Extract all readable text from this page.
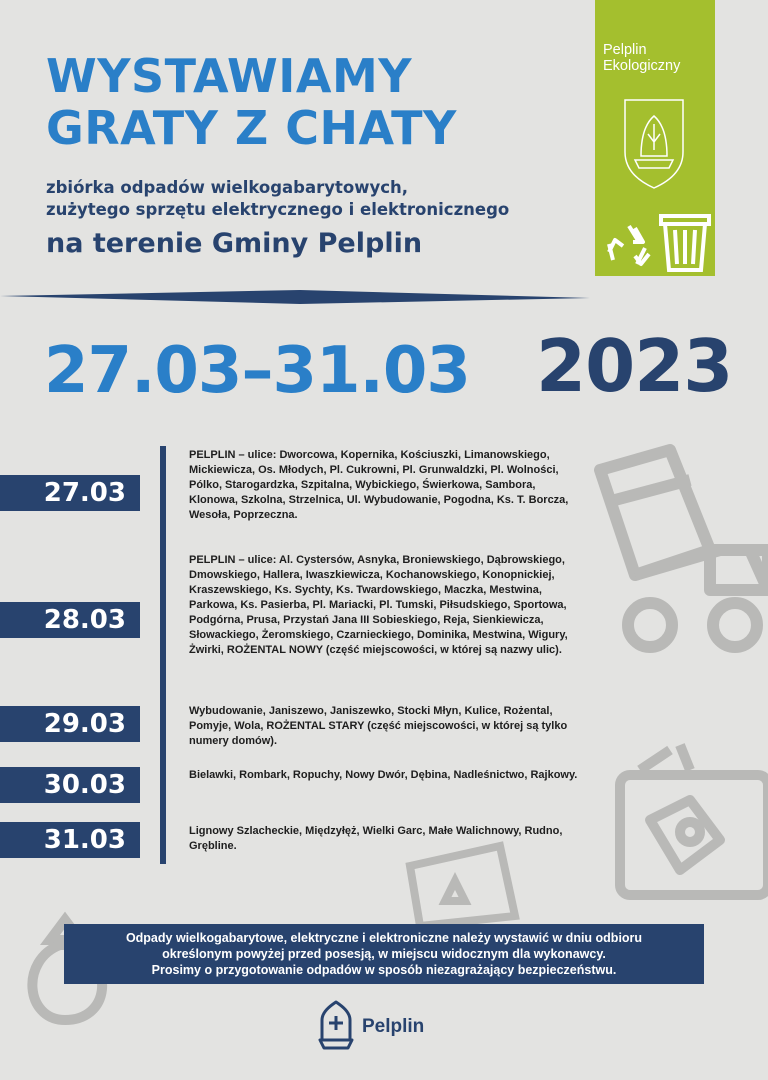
WYSTAWIAMY
GRATY Z CHATY
zbiórka odpadów wielkogabarytowych,
zużytego sprzętu elektrycznego i elektronicznego
na terenie Gminy Pelplin
Pelplin
Ekologiczny
27.03–31.03 2023
27.03
PELPLIN – ulice: Dworcowa, Kopernika, Kościuszki, Limanowskiego, Mickiewicza, Os. Młodych, Pl. Cukrowni, Pl. Grunwaldzki, Pl. Wolności, Pólko, Starogardzka, Szpitalna, Wybickiego, Świerkowa, Sambora, Klonowa, Szkolna, Strzelnica, Ul. Wybudowanie, Pogodna, Ks. T. Borcza, Wesoła, Poprzeczna.
28.03
PELPLIN – ulice: Al. Cystersów, Asnyka, Broniewskiego, Dąbrowskiego, Dmowskiego, Hallera, Iwaszkiewicza, Kochanowskiego, Konopnickiej, Kraszewskiego, Ks. Sychty, Ks. Twardowskiego, Maczka, Mestwina, Parkowa, Ks. Pasierba, Pl. Mariacki, Pl. Tumski, Piłsudskiego, Sportowa, Podgórna, Prusa, Przystań Jana III Sobieskiego, Reja, Sienkiewicza, Słowackiego, Żeromskiego, Czarnieckiego, Dominika, Mestwina, Wigury, Żwirki, ROŻENTAL NOWY (część miejscowości, w której są nazwy ulic).
29.03	Wybudowanie, Janiszewo, Janiszewko, Stocki Młyn, Kulice, Rożental, Pomyje, Wola, ROŻENTAL STARY (część miejscowości, w której są tylko numery domów).
30.03	Bielawki, Rombark, Ropuchy, Nowy Dwór, Dębina, Nadleśnictwo, Rajkowy.
31.03	Lignowy Szlacheckie, Międzyłęż, Wielki Garc, Małe Walichnowy, Rudno, Grębline.
Odpady wielkogabarytowe, elektryczne i elektroniczne należy wystawić w dniu odbioru
określonym powyżej przed posesją, w miejscu widocznym dla wykonawcy.
Prosimy o przygotowanie odpadów w sposób niezagrażający bezpieczeństwu.
Pelplin
